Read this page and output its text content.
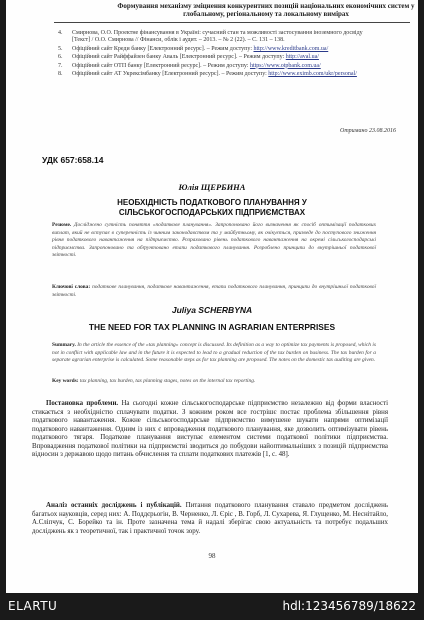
Формування механізму зміцнення конкурентних позицій національних економічних систем у глобальному, регіональному та локальному вимірах
4. Смирнова, О.О. Проектне фінансування в Україні: сучасний стан та можливості застосування іноземного досвіду [Текст] / О.О. Смирнова // Фінанси, облік і аудит. – 2013. – № 2 (22). – С. 131 – 138.
5. Офіційний сайт Креди банку [Електронний ресурс]. – Режим доступу: http://www.kreditbank.com.ua/
6. Офіційний сайт Райффайзен банку Аваль [Електронний ресурс]. – Режим доступу: http://aval.ua/
7. Офіційний сайт ОТП банку [Електронний ресурс]. – Режим доступу: https://www.otpbank.com.ua/
8. Офіційний сайт АТ Укрексімбанку [Електронний ресурс]. – Режим доступу: http://www.eximb.com/ukr/personal/
Отримано 23.08.2016
УДК 657:658.14
Юлія ЩЕРБИНА
НЕОБХІДНІСТЬ ПОДАТКОВОГО ПЛАНУВАННЯ У СІЛЬСЬКОГОСПОДАРСЬКИХ ПІДПРИЄМСТВАХ
Резюме. Досліджено сутність поняття «податкове планування». Запропоновано його визначення як спосіб оптимізації податкових виплат, який не вступає в суперечність із чинним законодавством та у майбутньому, як очікується, призведе до поступового зниження рівня податкового навантаження на підприємство. Розраховано рівень податкового навантаження на окремі сільськогосподарські підприємства. Запропоновано та обґрунтовано етапи податкового планування. Розроблено принципи до внутрішньої податкової звітності.
Ключові слова: податкове планування, податкове навантаження, етапи податкового планування, принципи до внутрішньої податкової звітності.
Juliya SCHERBYNA
THE NEED FOR TAX PLANNING IN AGRARIAN ENTERPRISES
Summary. In the article the essence of the «tax planning» concept is discussed. Its definition as a way to optimize tax payments is proposed, which is not in conflict with applicable law and in the future it is expected to lead to a gradual reduction of the tax burden on business. The tax burden for a separate agrarian enterprise is calculated. Some reasonable steps as for tax planning are proposed. The notes on the domestic tax auditing are given.
Key words: tax planning, tax burden, tax planning stages, notes on the internal tax reporting.

Постановка проблеми. На сьогодні кожне сільськогосподарське підприємство незалежно від форми власності стикається з необхідністю сплачувати податки. З кожним роком все гострішє постає проблема збільшення рівня податкового навантаження. Кожне сільськогосподарське підприємство вимушене шукати напрями оптимізації податкового навантаження. Одним із них є впровадження податкового планування, яке дозволить оптимізувати рівень податкового тягаря. Податкове планування виступає елементом системи податкової політики підприємства. Впровадження податкової політики на підприємстві зводиться до побудови найоптимальніших з позицій підприємства відносин з державою щодо питань обчислення та сплати податкових платежів [1, с. 48].

Аналіз останніх досліджень і публікацій. Питання податкового планування ставало предметом досліджень багатьох науковців, серед них: А. Поддєрьогін, В. Черненко, Л. Єріс , В. Горб, Л. Сухарева, Я. Глущенко, М. Неснітайло, А.Сліпчук, С. Борейко та ін. Проте зазначена тема й надалі зберігає свою актуальність та потребує подальших досліджень як з теоретичної, так і практичної точок зору.

98
ELARTU	hdl:123456789/18622
